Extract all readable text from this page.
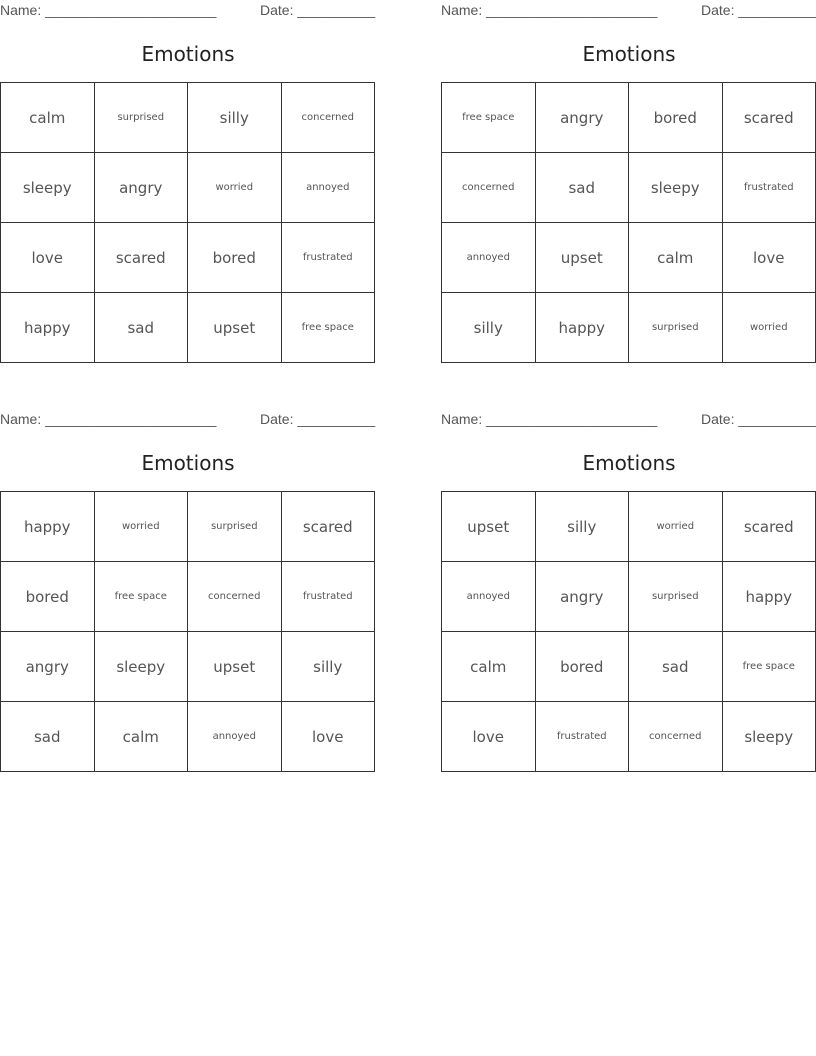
Name: ______________________	Date: __________
Emotions
calm	surprised	silly	concerned
sleepy	angry	worried	annoyed
love	scared	bored	frustrated
happy	sad	upset	free space
Name: ______________________	Date: __________
Emotions
free space	angry	bored	scared
concerned	sad	sleepy	frustrated
annoyed	upset	calm	love
silly	happy	surprised	worried
Name: ______________________	Date: __________
Emotions
happy	worried	surprised	scared
bored	free space	concerned	frustrated
angry	sleepy	upset	silly
sad	calm	annoyed	love
Name: ______________________	Date: __________
Emotions
upset	silly	worried	scared
annoyed	angry	surprised	happy
calm	bored	sad	free space
love	frustrated	concerned	sleepy
